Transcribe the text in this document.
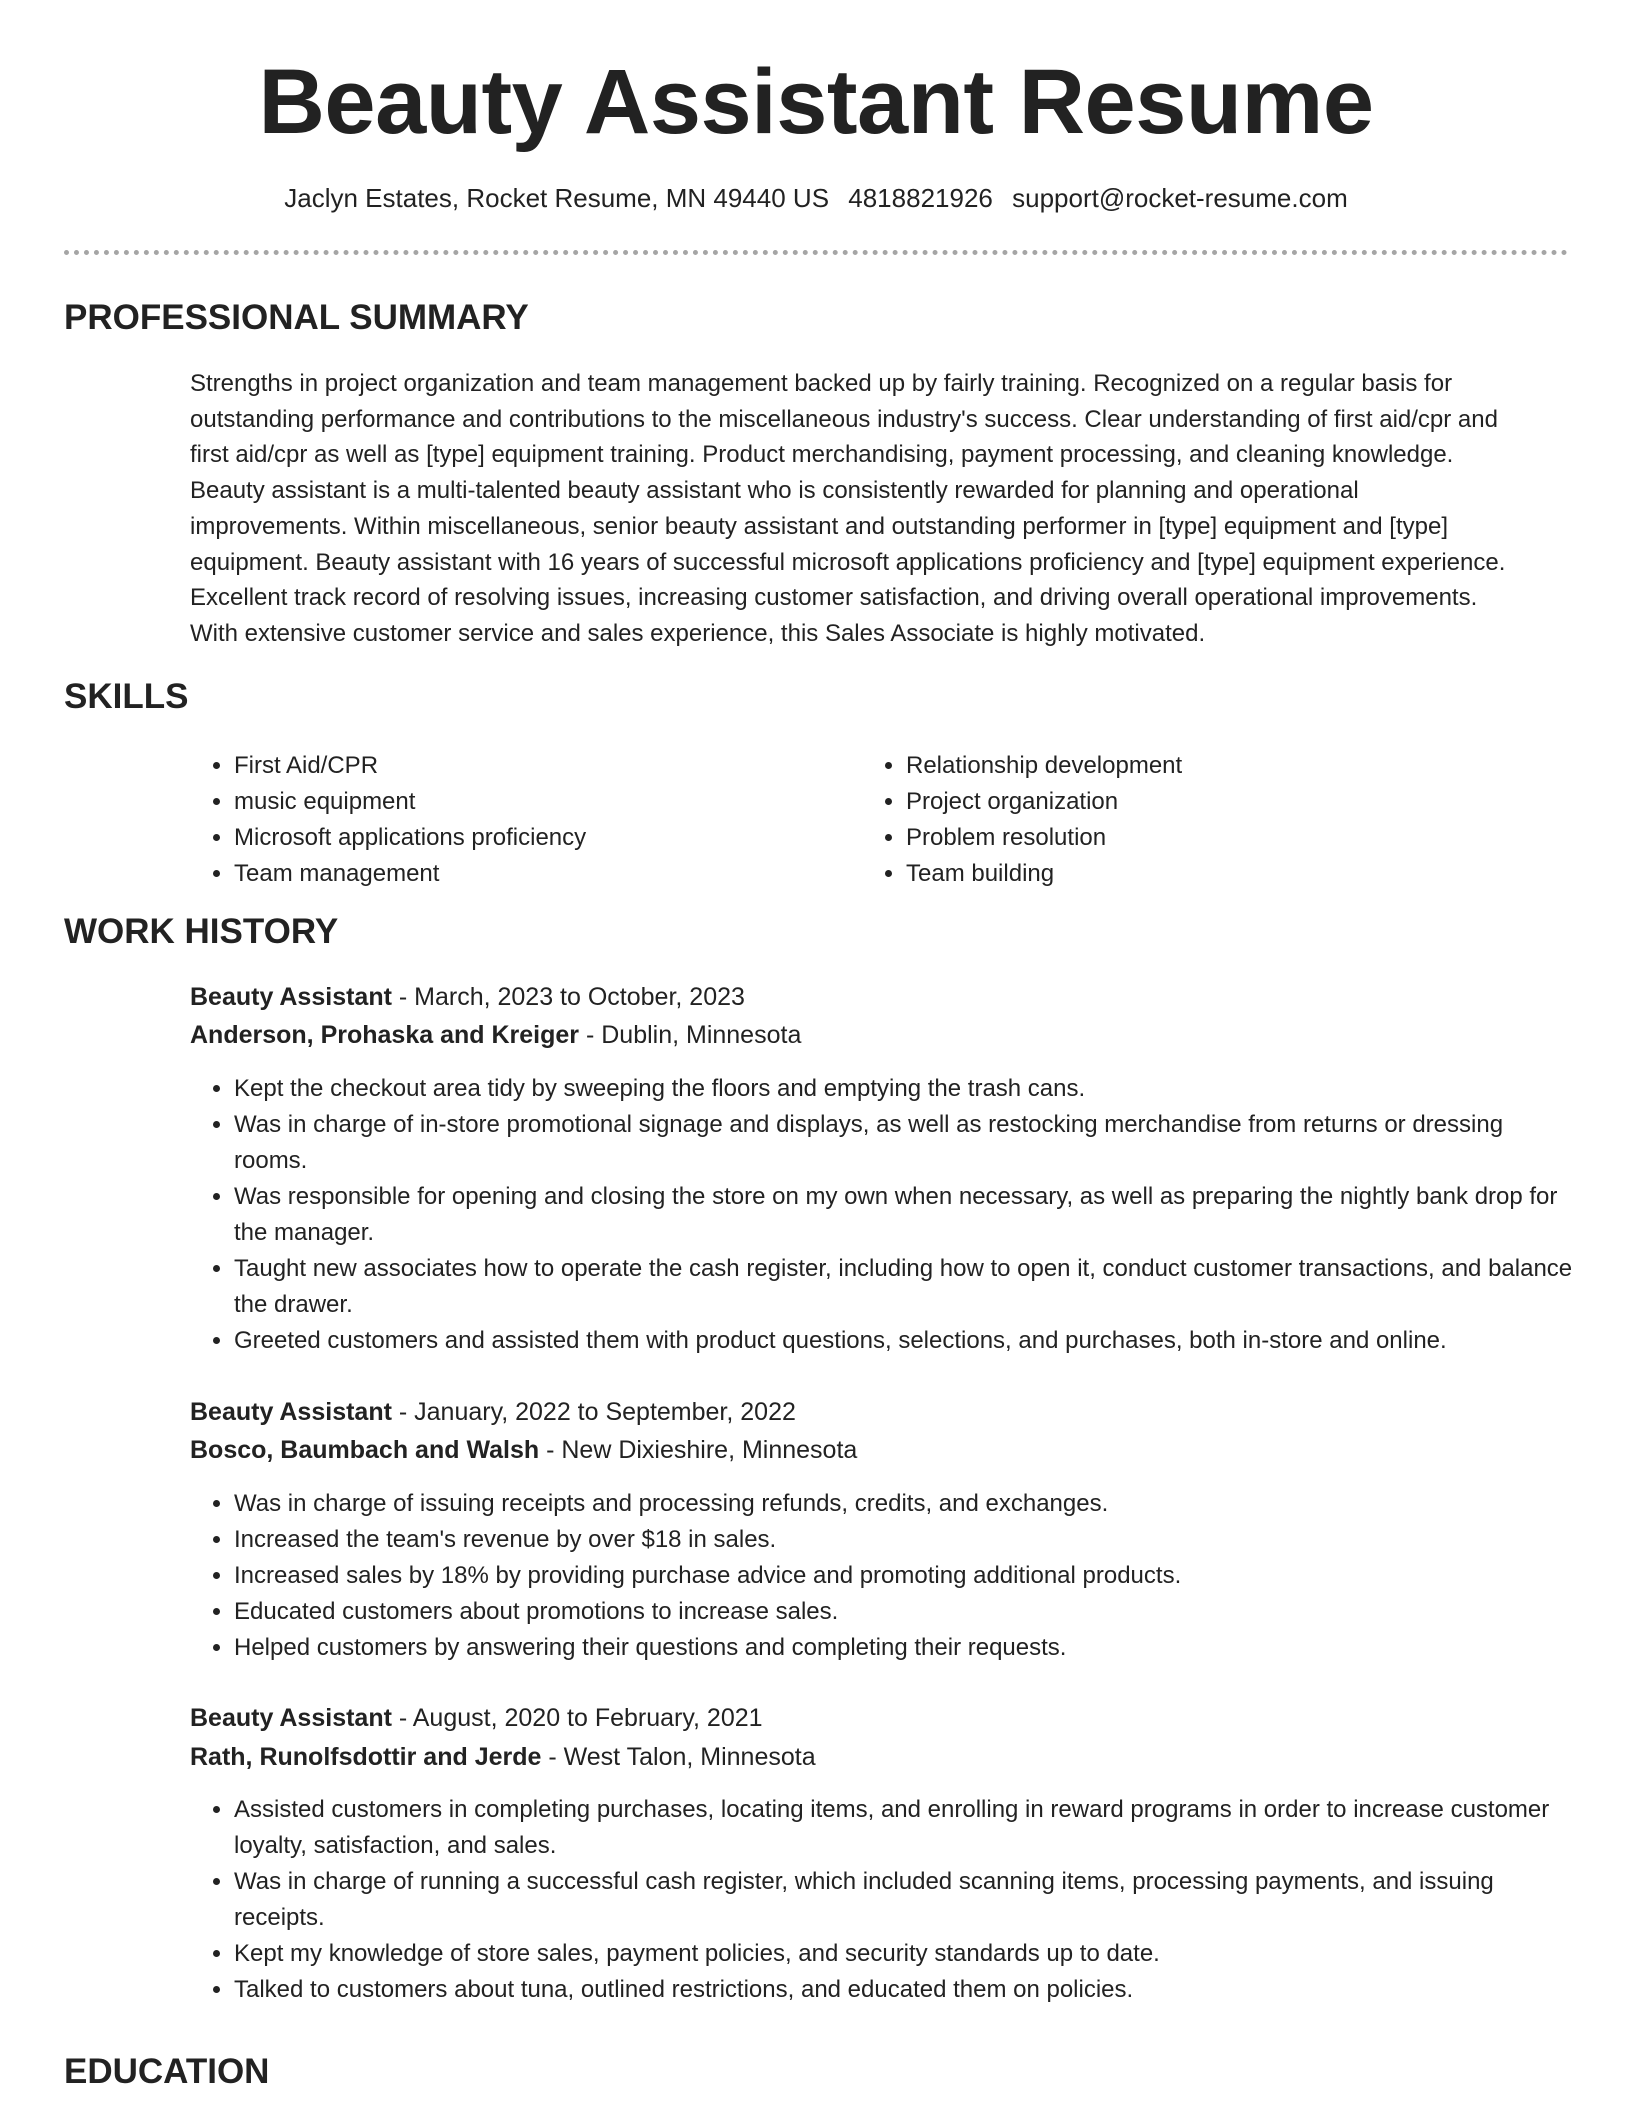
Beauty Assistant Resume
Jaclyn Estates, Rocket Resume, MN 49440 US 4818821926 support@rocket-resume.com
PROFESSIONAL SUMMARY
Strengths in project organization and team management backed up by fairly training. Recognized on a regular basis for
outstanding performance and contributions to the miscellaneous industry's success. Clear understanding of first aid/cpr and
first aid/cpr as well as [type] equipment training. Product merchandising, payment processing, and cleaning knowledge.
Beauty assistant is a multi-talented beauty assistant who is consistently rewarded for planning and operational
improvements. Within miscellaneous, senior beauty assistant and outstanding performer in [type] equipment and [type]
equipment. Beauty assistant with 16 years of successful microsoft applications proficiency and [type] equipment experience.
Excellent track record of resolving issues, increasing customer satisfaction, and driving overall operational improvements.
With extensive customer service and sales experience, this Sales Associate is highly motivated.
SKILLS
• First Aid/CPR
• music equipment
• Microsoft applications proficiency
• Team management
• Relationship development
• Project organization
• Problem resolution
• Team building
WORK HISTORY
Beauty Assistant - March, 2023 to October, 2023
Anderson, Prohaska and Kreiger - Dublin, Minnesota
• Kept the checkout area tidy by sweeping the floors and emptying the trash cans.
• Was in charge of in-store promotional signage and displays, as well as restocking merchandise from returns or dressing rooms.
• Was responsible for opening and closing the store on my own when necessary, as well as preparing the nightly bank drop for the manager.
• Taught new associates how to operate the cash register, including how to open it, conduct customer transactions, and balance the drawer.
• Greeted customers and assisted them with product questions, selections, and purchases, both in-store and online.
Beauty Assistant - January, 2022 to September, 2022
Bosco, Baumbach and Walsh - New Dixieshire, Minnesota
• Was in charge of issuing receipts and processing refunds, credits, and exchanges.
• Increased the team's revenue by over $18 in sales.
• Increased sales by 18% by providing purchase advice and promoting additional products.
• Educated customers about promotions to increase sales.
• Helped customers by answering their questions and completing their requests.
Beauty Assistant - August, 2020 to February, 2021
Rath, Runolfsdottir and Jerde - West Talon, Minnesota
• Assisted customers in completing purchases, locating items, and enrolling in reward programs in order to increase customer loyalty, satisfaction, and sales.
• Was in charge of running a successful cash register, which included scanning items, processing payments, and issuing receipts.
• Kept my knowledge of store sales, payment policies, and security standards up to date.
• Talked to customers about tuna, outlined restrictions, and educated them on policies.
EDUCATION
